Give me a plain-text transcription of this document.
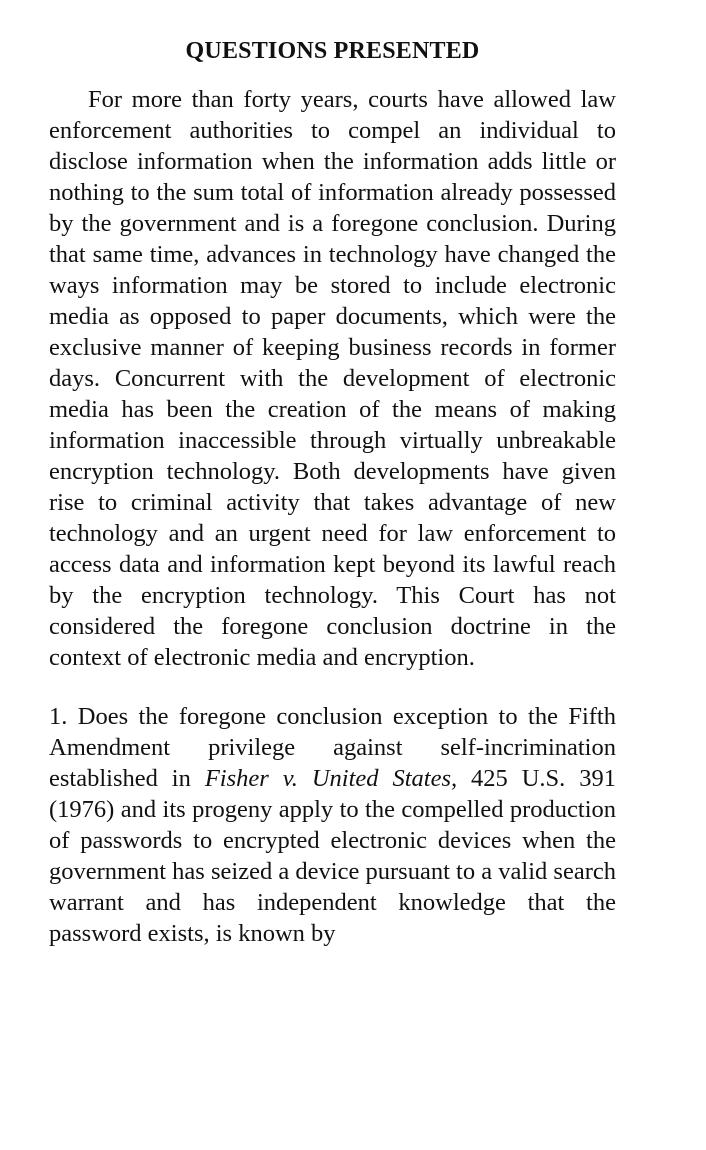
QUESTIONS PRESENTED

For more than forty years, courts have allowed law enforcement authorities to compel an individual to disclose information when the information adds little or nothing to the sum total of information already possessed by the government and is a foregone conclusion. During that same time, advances in technology have changed the ways information may be stored to include electronic media as opposed to paper documents, which were the exclusive manner of keeping business records in former days. Concurrent with the development of electronic media has been the creation of the means of making information inaccessible through virtually unbreakable encryption technology. Both developments have given rise to criminal activity that takes advantage of new technology and an urgent need for law enforcement to access data and information kept beyond its lawful reach by the encryption technology. This Court has not considered the foregone conclusion doctrine in the context of electronic media and encryption.

1. Does the foregone conclusion exception to the Fifth Amendment privilege against self-incrimination established in Fisher v. United States, 425 U.S. 391 (1976) and its progeny apply to the compelled production of passwords to encrypted electronic devices when the government has seized a device pursuant to a valid search warrant and has independent knowledge that the password exists, is known by
